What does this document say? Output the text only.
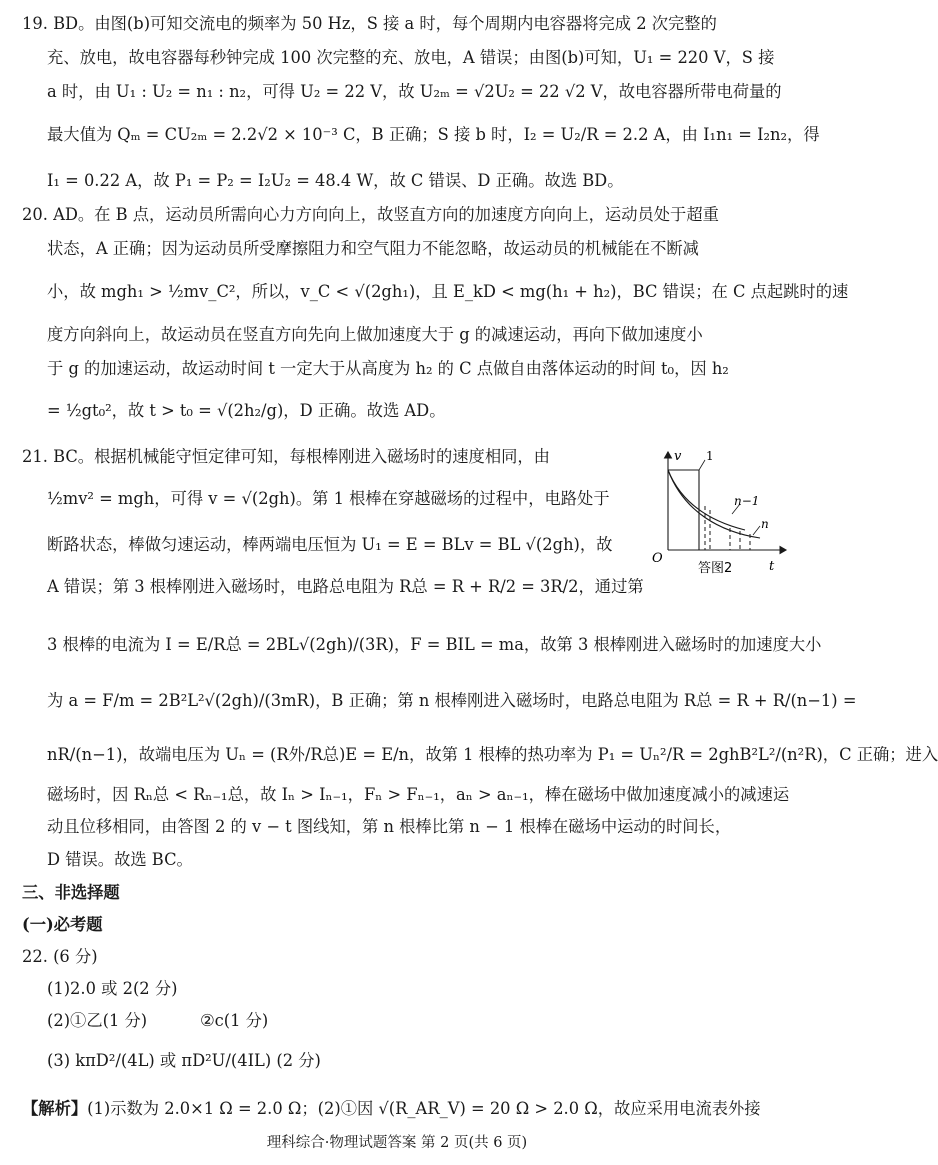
19. BD。由图(b)可知交流电的频率为 50 Hz，S 接 a 时，每个周期内电容器将完成 2 次完整的
充、放电，故电容器每秒钟完成 100 次完整的充、放电，A 错误；由图(b)可知，U₁ = 220 V，S 接
a 时，由 U₁ : U₂ = n₁ : n₂，可得 U₂ = 22 V，故 U₂ₘ = √2U₂ = 22 √2 V，故电容器所带电荷量的
最大值为 Qₘ = CU₂ₘ = 2.2√2 × 10⁻³ C，B 正确；S 接 b 时，I₂ = U₂/R = 2.2 A，由 I₁n₁ = I₂n₂，得
I₁ = 0.22 A，故 P₁ = P₂ = I₂U₂ = 48.4 W，故 C 错误、D 正确。故选 BD。
20. AD。在 B 点，运动员所需向心力方向向上，故竖直方向的加速度方向向上，运动员处于超重
状态，A 正确；因为运动员所受摩擦阻力和空气阻力不能忽略，故运动员的机械能在不断减
小，故 mgh₁ > ½mv_C²，所以，v_C < √(2gh₁)，且 E_kD < mg(h₁ + h₂)，BC 错误；在 C 点起跳时的速
度方向斜向上，故运动员在竖直方向先向上做加速度大于 g 的减速运动，再向下做加速度小
于 g 的加速运动，故运动时间 t 一定大于从高度为 h₂ 的 C 点做自由落体运动的时间 t₀，因 h₂
= ½gt₀²，故 t > t₀ = √(2h₂/g)，D 正确。故选 AD。
21. BC。根据机械能守恒定律可知，每根棒刚进入磁场时的速度相同，由
½mv² = mgh，可得 v = √(2gh)。第 1 根棒在穿越磁场的过程中，电路处于
断路状态，棒做匀速运动，棒两端电压恒为 U₁ = E = BLv = BL √(2gh)，故
A 错误；第 3 根棒刚进入磁场时，电路总电阻为 R总 = R + R/2 = 3R/2，通过第
3 根棒的电流为 I = E/R总 = 2BL√(2gh)/(3R)，F = BIL = ma，故第 3 根棒刚进入磁场时的加速度大小
为 a = F/m = 2B²L²√(2gh)/(3mR)，B 正确；第 n 根棒刚进入磁场时，电路总电阻为 R总 = R + R/(n−1) =
nR/(n−1)，故端电压为 Uₙ = (R外/R总)E = E/n，故第 1 根棒的热功率为 P₁ = Uₙ²/R = 2ghB²L²/(n²R)，C 正确；进入
磁场时，因 Rₙ总 < Rₙ₋₁总，故 Iₙ > Iₙ₋₁，Fₙ > Fₙ₋₁，aₙ > aₙ₋₁，棒在磁场中做加速度减小的减速运
动且位移相同，由答图 2 的 v − t 图线知，第 n 根棒比第 n − 1 根棒在磁场中运动的时间长，
D 错误。故选 BC。
v
t
O
1
n−1
n
答图2
三、非选择题
(一)必考题
22. (6 分)
(1)2.0 或 2(2 分)
(2)①乙(1 分)	②c(1 分)
(3) kπD²/(4L) 或 πD²U/(4IL) (2 分)
【解析】(1)示数为 2.0×1 Ω = 2.0 Ω；(2)①因 √(R_AR_V) = 20 Ω > 2.0 Ω，故应采用电流表外接
理科综合·物理试题答案 第 2 页(共 6 页)
